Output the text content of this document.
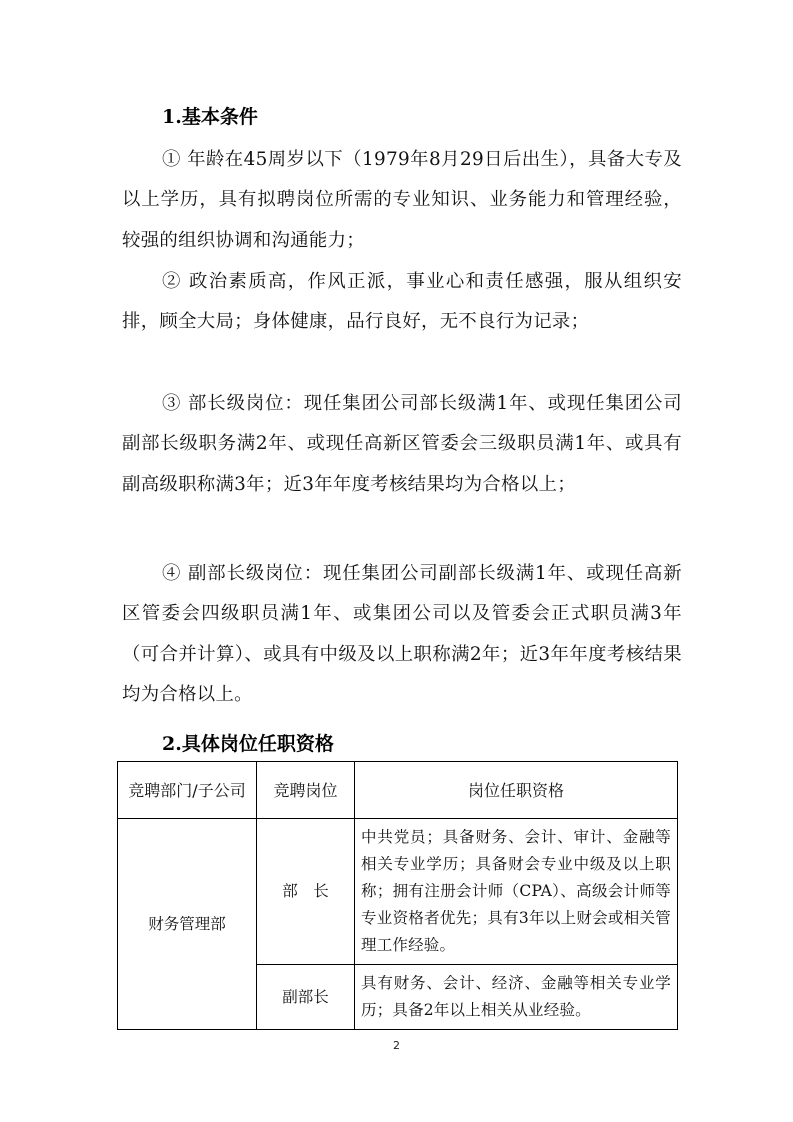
1.基本条件

① 年龄在45周岁以下（1979年8月29日后出生），具备大专及以上学历，具有拟聘岗位所需的专业知识、业务能力和管理经验，较强的组织协调和沟通能力；

② 政治素质高，作风正派，事业心和责任感强，服从组织安排，顾全大局；身体健康，品行良好，无不良行为记录；

③ 部长级岗位：现任集团公司部长级满1年、或现任集团公司副部长级职务满2年、或现任高新区管委会三级职员满1年、或具有副高级职称满3年；近3年年度考核结果均为合格以上；

④ 副部长级岗位：现任集团公司副部长级满1年、或现任高新区管委会四级职员满1年、或集团公司以及管委会正式职员满3年（可合并计算）、或具有中级及以上职称满2年；近3年年度考核结果均为合格以上。

2.具体岗位任职资格
竞聘部门/子公司	竞聘岗位	岗位任职资格
财务管理部	部　长	中共党员；具备财务、会计、审计、金融等相关专业学历；具备财会专业中级及以上职称；拥有注册会计师（CPA）、高级会计师等专业资格者优先；具有3年以上财会或相关管理工作经验。
	副部长	具有财务、会计、经济、金融等相关专业学历；具备2年以上相关从业经验。
2
